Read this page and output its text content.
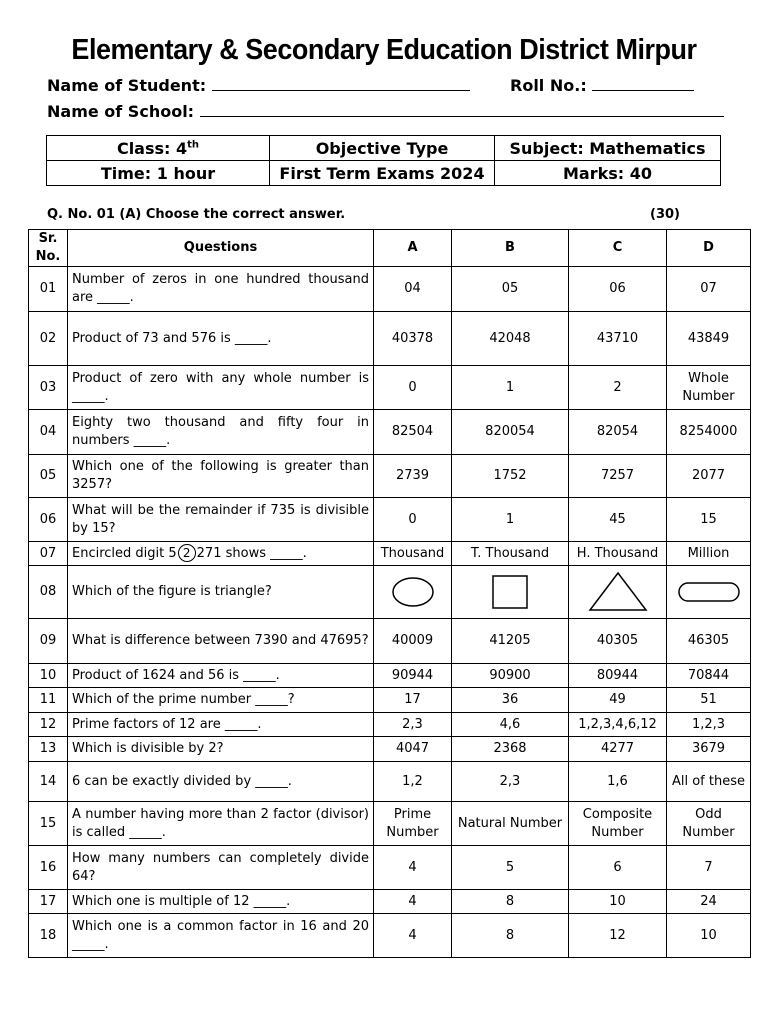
Elementary & Secondary Education District Mirpur
Name of Student:	Roll No.:
Name of School:
Class: 4th	Objective Type	Subject: Mathematics
Time: 1 hour	First Term Exams 2024	Marks: 40
Q. No. 01 (A) Choose the correct answer.	(30)
Sr.
No.	Questions	A	B	C	D
01	Number of zeros in one hundred thousand are _____.	04	05	06	07
02	Product of 73 and 576 is _____.	40378	42048	43710	43849
03	Product of zero with any whole number is _____.	0	1	2	Whole Number
04	Eighty two thousand and fifty four in numbers _____.	82504	820054	82054	8254000
05	Which one of the following is greater than 3257?	2739	1752	7257	2077
06	What will be the remainder if 735 is divisible by 15?	0	1	45	15
07	Encircled digit 5 2 271 shows _____.	Thousand	T. Thousand	H. Thousand	Million
08	Which of the figure is triangle?	

09	What is difference between 7390 and 47695?	40009	41205	40305	46305
10	Product of 1624 and 56 is _____.	90944	90900	80944	70844
11	Which of the prime number _____?	17	36	49	51
12	Prime factors of 12 are _____.	2,3	4,6	1,2,3,4,6,12	1,2,3
13	Which is divisible by 2?	4047	2368	4277	3679
14	6 can be exactly divided by _____.	1,2	2,3	1,6	All of these
15	A number having more than 2 factor (divisor) is called _____.	Prime Number	Natural Number	Composite Number	Odd Number
16	How many numbers can completely divide 64?	4	5	6	7
17	Which one is multiple of 12 _____.	4	8	10	24
18	Which one is a common factor in 16 and 20 _____.	4	8	12	10
